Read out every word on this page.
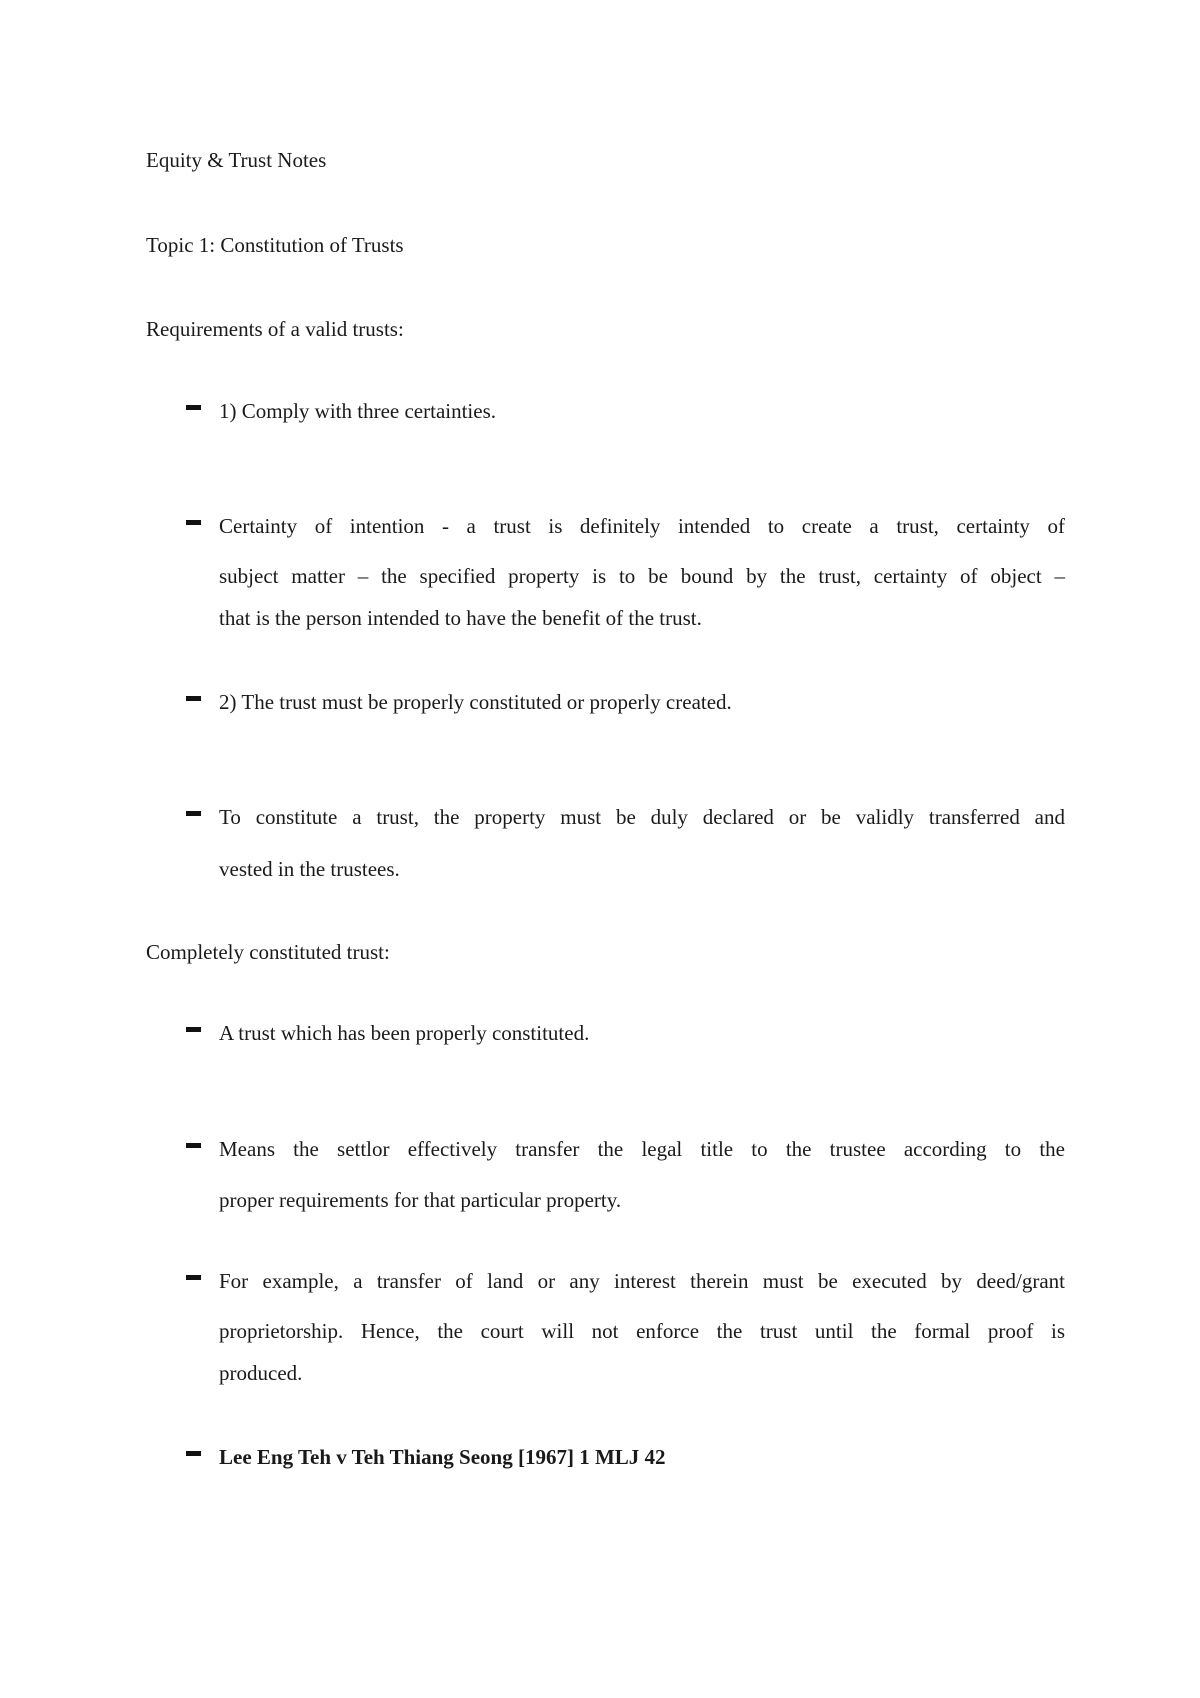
Equity & Trust Notes
Topic 1: Constitution of Trusts
Requirements of a valid trusts:
1) Comply with three certainties.
Certainty of intention - a trust is definitely intended to create a trust, certainty of
subject matter – the specified property is to be bound by the trust, certainty of object –
that is the person intended to have the benefit of the trust.
2) The trust must be properly constituted or properly created.
To constitute a trust, the property must be duly declared or be validly transferred and
vested in the trustees.
Completely constituted trust:
A trust which has been properly constituted.
Means the settlor effectively transfer the legal title to the trustee according to the
proper requirements for that particular property.
For example, a transfer of land or any interest therein must be executed by deed/grant
proprietorship. Hence, the court will not enforce the trust until the formal proof is
produced.
Lee Eng Teh v Teh Thiang Seong [1967] 1 MLJ 42
